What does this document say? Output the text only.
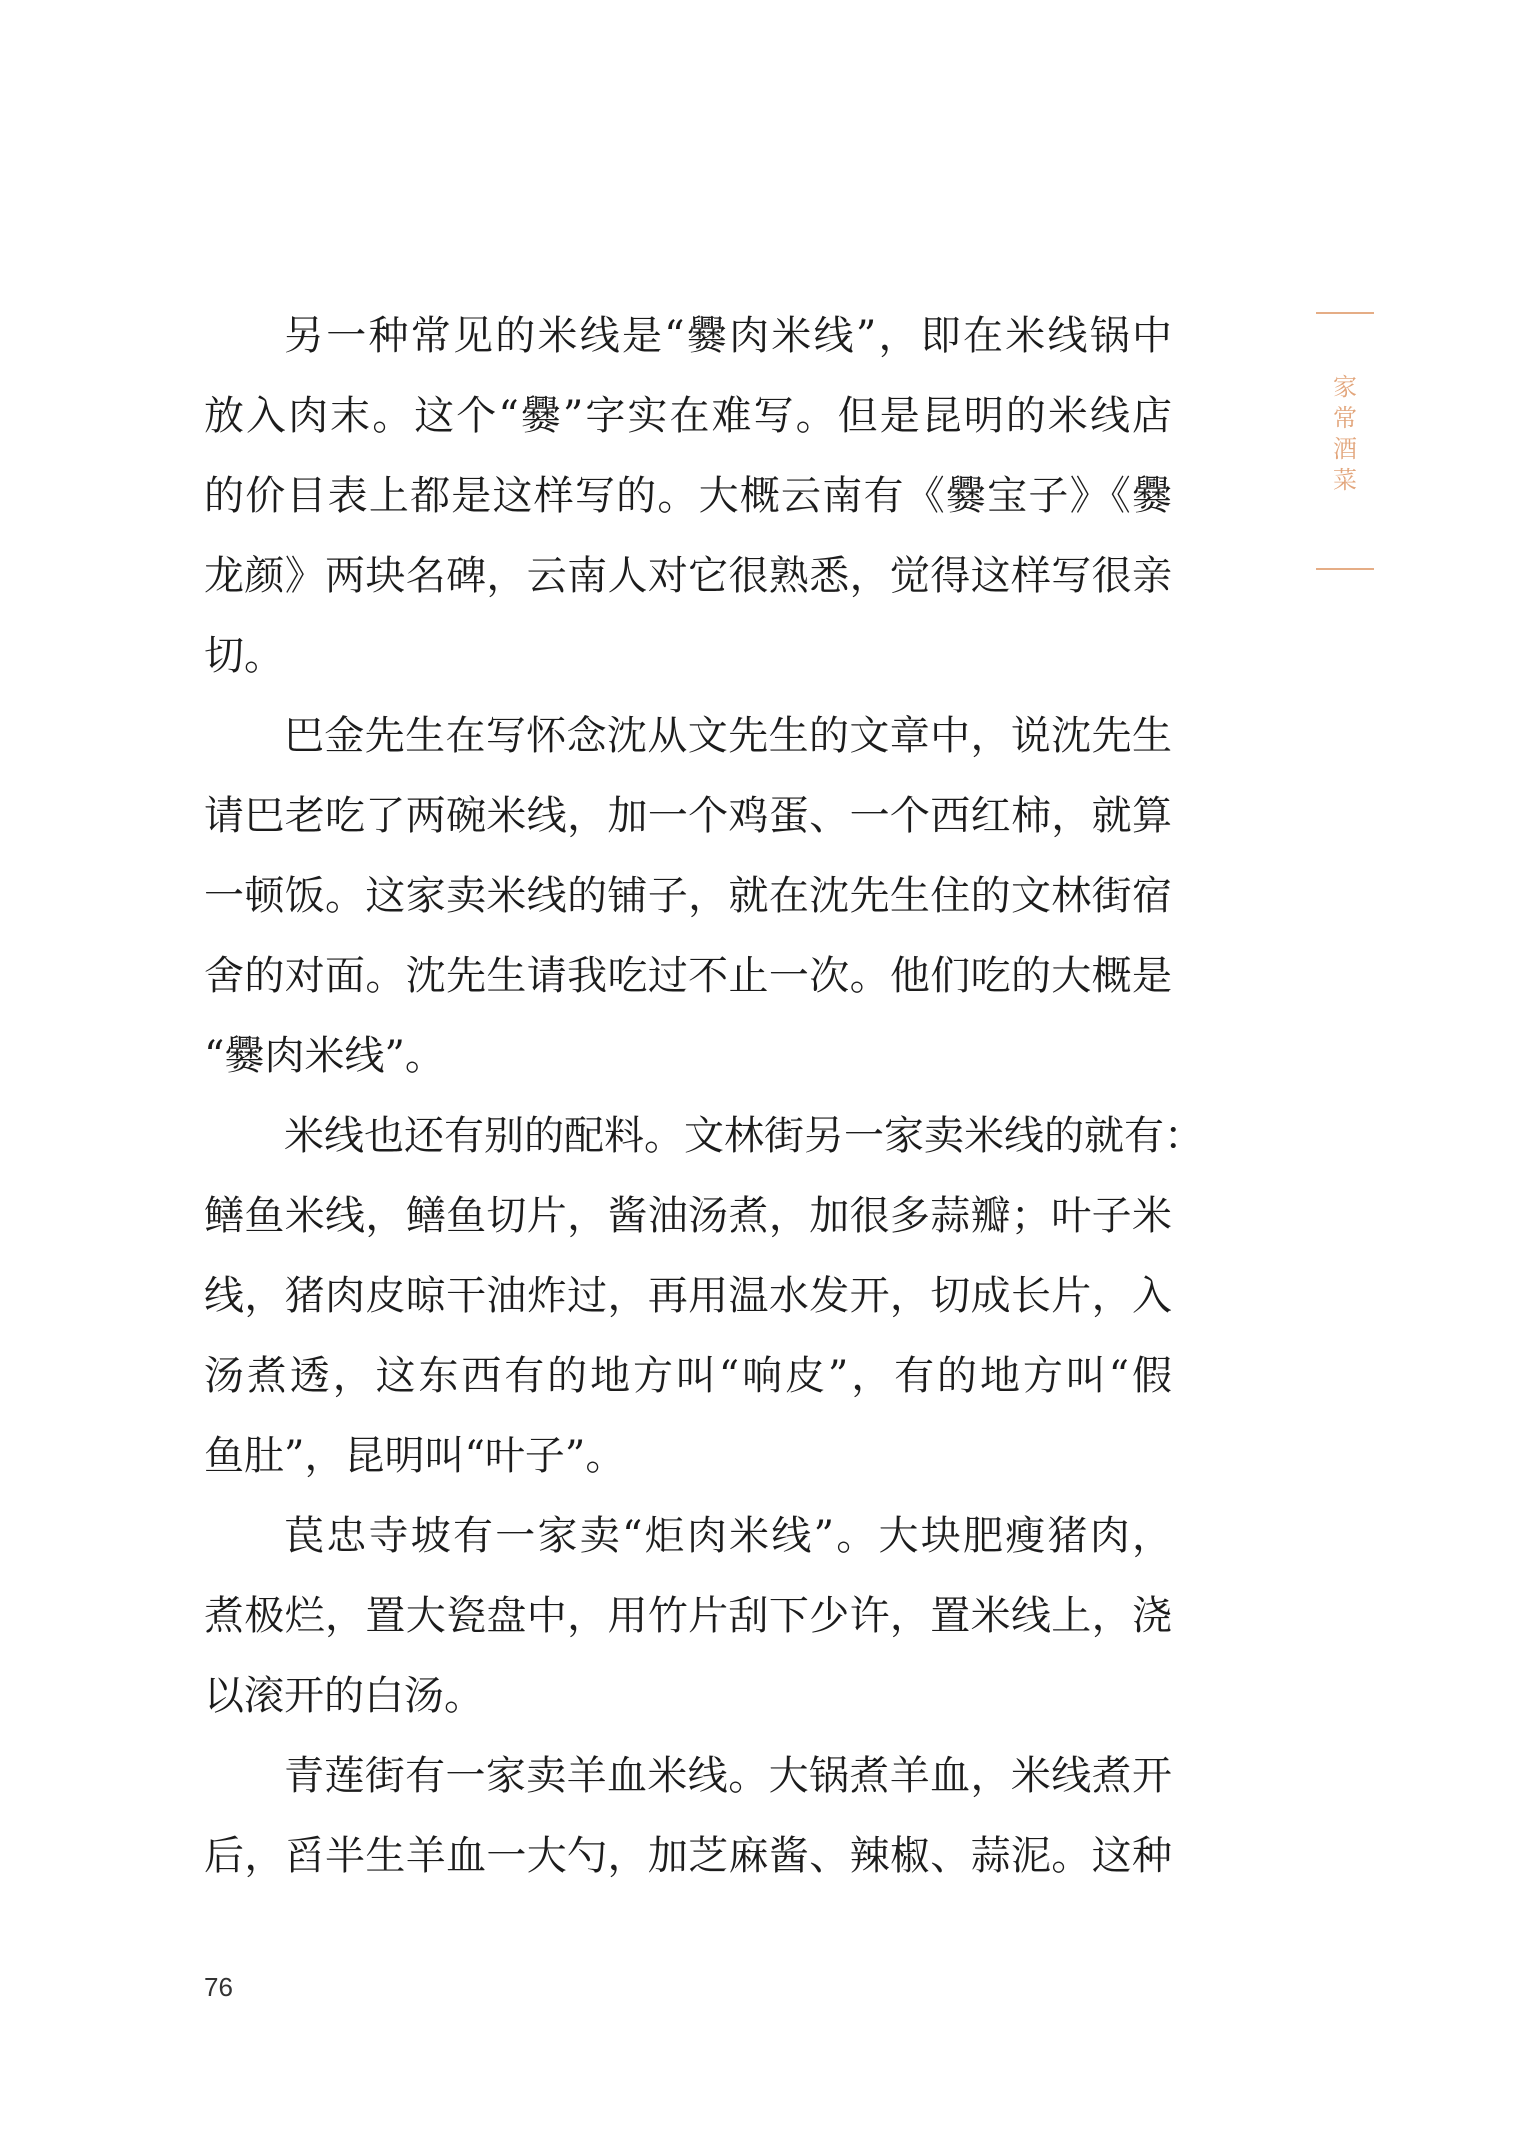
家
常
酒
菜
另一种常见的米线是“爨肉米线”，即在米线锅中
放入肉末。这个“爨”字实在难写。但是昆明的米线店
的价目表上都是这样写的。大概云南有《爨宝子》《爨
龙颜》两块名碑，云南人对它很熟悉，觉得这样写很亲
切。
巴金先生在写怀念沈从文先生的文章中，说沈先生
请巴老吃了两碗米线，加一个鸡蛋、一个西红柿，就算
一顿饭。这家卖米线的铺子，就在沈先生住的文林街宿
舍的对面。沈先生请我吃过不止一次。他们吃的大概是
“爨肉米线”。
米线也还有别的配料。文林街另一家卖米线的就有：
鳝鱼米线，鳝鱼切片，酱油汤煮，加很多蒜瓣；叶子米
线，猪肉皮晾干油炸过，再用温水发开，切成长片，入
汤煮透，这东西有的地方叫“响皮”，有的地方叫“假
鱼肚”，昆明叫“叶子”。
苠忠寺坡有一家卖“炬肉米线”。大块肥瘦猪肉，
煮极烂，置大瓷盘中，用竹片刮下少许，置米线上，浇
以滚开的白汤。
青莲街有一家卖羊血米线。大锅煮羊血，米线煮开
后，舀半生羊血一大勺，加芝麻酱、辣椒、蒜泥。这种
76
